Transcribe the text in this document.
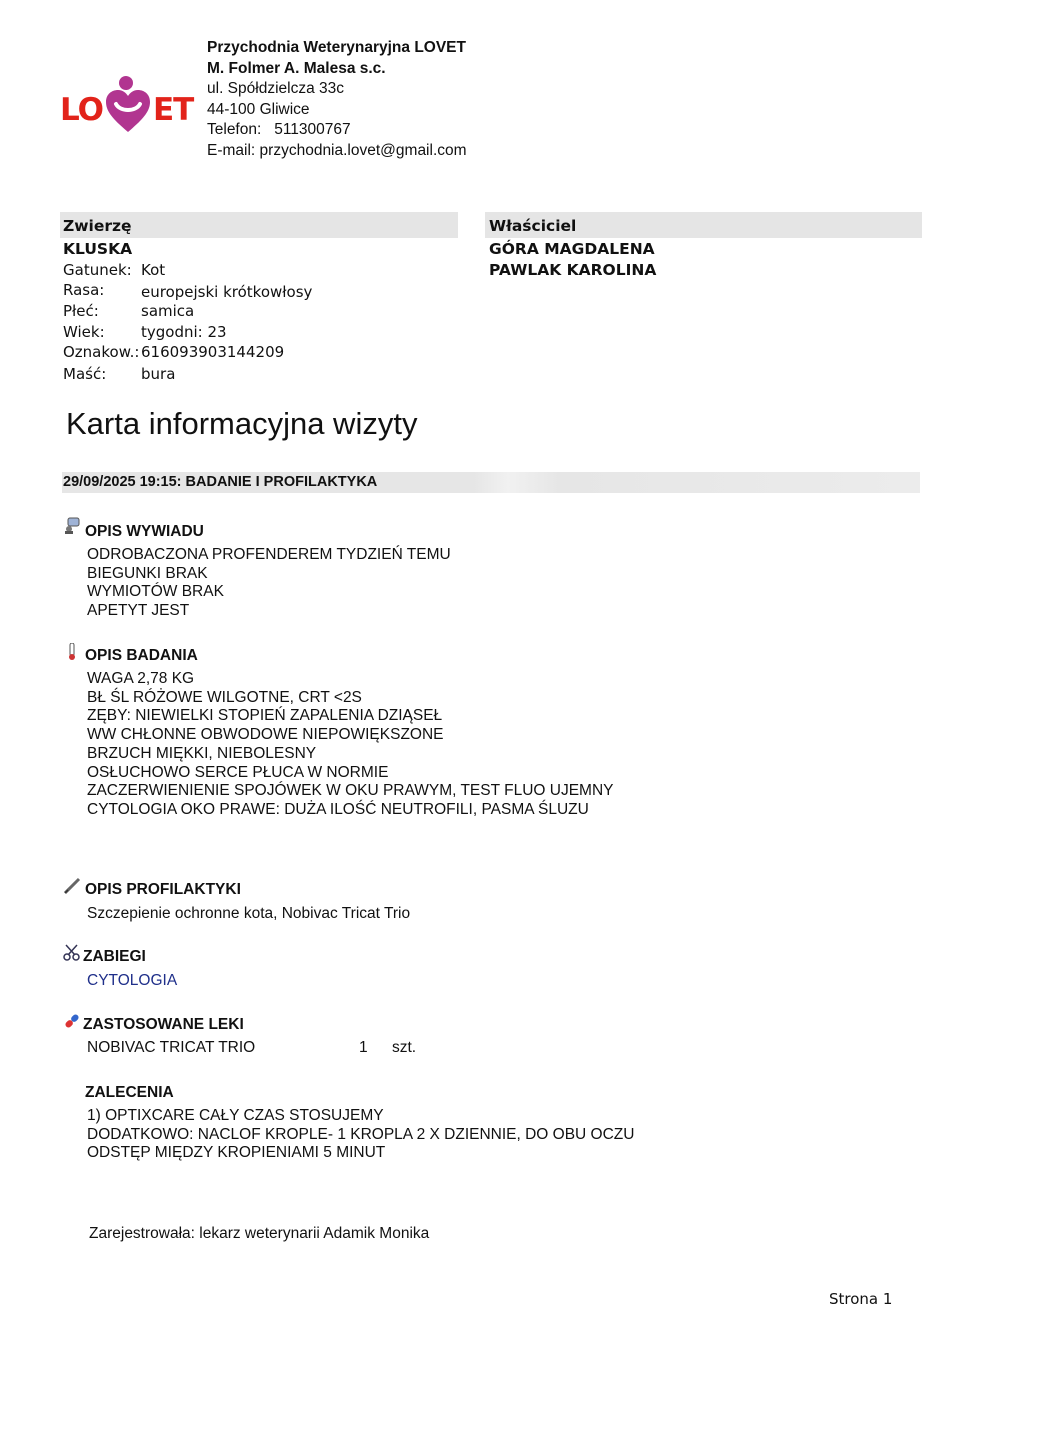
LO ET
Przychodnia Weterynaryjna LOVET
M. Folmer A. Malesa s.c.
ul. Spółdzielcza 33c
44-100 Gliwice
Telefon: 511300767
E-mail: przychodnia.lovet@gmail.com
Zwierzę	Właściciel
KLUSKA
Gatunek: Kot
Rasa: europejski krótkowłosy
Płeć:	samica
Wiek: tygodni: 23
Oznakow.: 616093903144209
Maść: bura
GÓRA MAGDALENA
PAWLAK KAROLINA
Karta informacyjna wizyty
29/09/2025 19:15: BADANIE I PROFILAKTYKA
OPIS WYWIADU
ODROBACZONA PROFENDEREM TYDZIEŃ TEMU
BIEGUNKI BRAK
WYMIOTÓW BRAK
APETYT JEST
OPIS BADANIA
WAGA 2,78 KG
BŁ ŚL RÓŻOWE WILGOTNE, CRT <2S
ZĘBY: NIEWIELKI STOPIEŃ ZAPALENIA DZIĄSEŁ
WW CHŁONNE OBWODOWE NIEPOWIĘKSZONE
BRZUCH MIĘKKI, NIEBOLESNY
OSŁUCHOWO SERCE PŁUCA W NORMIE
ZACZERWIENIENIE SPOJÓWEK W OKU PRAWYM, TEST FLUO UJEMNY
CYTOLOGIA OKO PRAWE: DUŻA ILOŚĆ NEUTROFILI, PASMA ŚLUZU
OPIS PROFILAKTYKI
Szczepienie ochronne kota, Nobivac Tricat Trio
ZABIEGI
CYTOLOGIA
ZASTOSOWANE LEKI
NOBIVAC TRICAT TRIO	1 szt.
ZALECENIA
1) OPTIXCARE CAŁY CZAS STOSUJEMY
DODATKOWO: NACLOF KROPLE- 1 KROPLA 2 X DZIENNIE, DO OBU OCZU
ODSTĘP MIĘDZY KROPIENIAMI 5 MINUT
Zarejestrowała: lekarz weterynarii Adamik Monika
Strona 1
